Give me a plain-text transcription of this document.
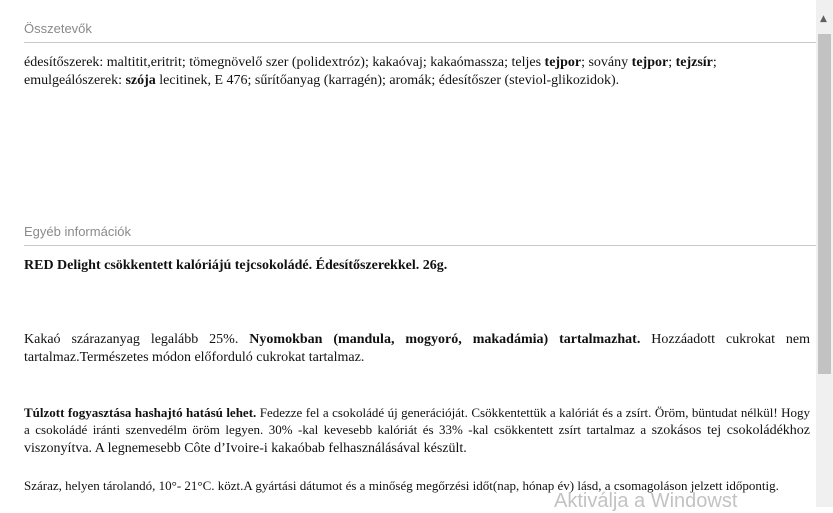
Összetevők

édesítőszerek: maltitit,eritrit; tömegnövelő szer (polidextróz); kakaóvaj; kakaómassza; teljes tejpor; sovány tejpor; tejzsír; emulgeálószerek: szója lecitinek, E 476; sűrítőanyag (karragén); aromák; édesítőszer (steviol-glikozidok).

Egyéb információk
RED Delight csökkentett kalóriájú tejcsokoládé. Édesítőszerekkel. 26g.

Kakaó szárazanyag legalább 25%. Nyomokban (mandula, mogyoró, makadámia) tartalmazhat. Hozzáadott cukrokat nem tartalmaz.Természetes módon előforduló cukrokat tartalmaz.

Túlzott fogyasztása hashajtó hatású lehet. Fedezze fel a csokoládé új generációját. Csökkentettük a kalóriát és a zsírt. Öröm, büntudat nélkül! Hogy a csokoládé iránti szenvedélm öröm legyen. 30% -kal kevesebb kalóriát és 33% -kal csökkentett zsírt tartalmaz a szokásos tej csokoládékhoz viszonyítva. A legnemesebb Côte d’Ivoire-i kakaóbab felhasználásával készült.

Száraz, helyen tárolandó, 10°- 21°C. közt.A gyártási dátumot és a minőség megőrzési időt(nap, hónap év) lásd, a csomagoláson jelzett időpontig.

▲
Aktiválja a Windowst
